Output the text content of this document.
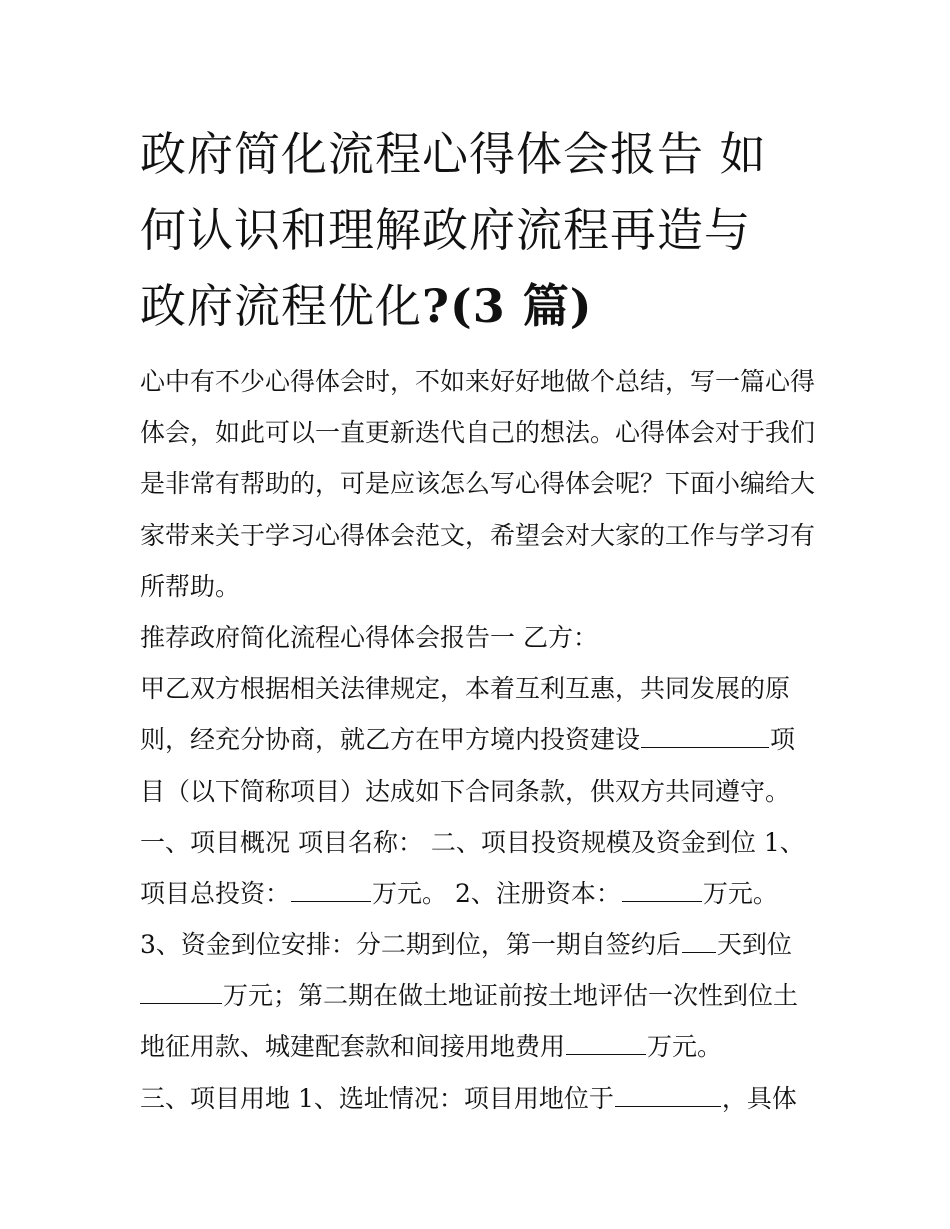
政府简化流程心得体会报告 如
何认识和理解政府流程再造与
政府流程优化?(3 篇)
心中有不少心得体会时，不如来好好地做个总结，写一篇心得
体会，如此可以一直更新迭代自己的想法。心得体会对于我们
是非常有帮助的，可是应该怎么写心得体会呢？下面小编给大
家带来关于学习心得体会范文，希望会对大家的工作与学习有
所帮助。
推荐政府简化流程心得体会报告一 乙方：
甲乙双方根据相关法律规定，本着互利互惠，共同发展的原
则，经充分协商，就乙方在甲方境内投资建设	项
目（以下简称项目）达成如下合同条款，供双方共同遵守。
一、项目概况 项目名称： 二、项目投资规模及资金到位 1、
项目总投资：	万元。 2、注册资本：	万元。
3、资金到位安排：分二期到位，第一期自签约后 天到位
万元；第二期在做土地证前按土地评估一次性到位土
地征用款、城建配套款和间接用地费用	万元。
三、项目用地 1、选址情况：项目用地位于	，具体
